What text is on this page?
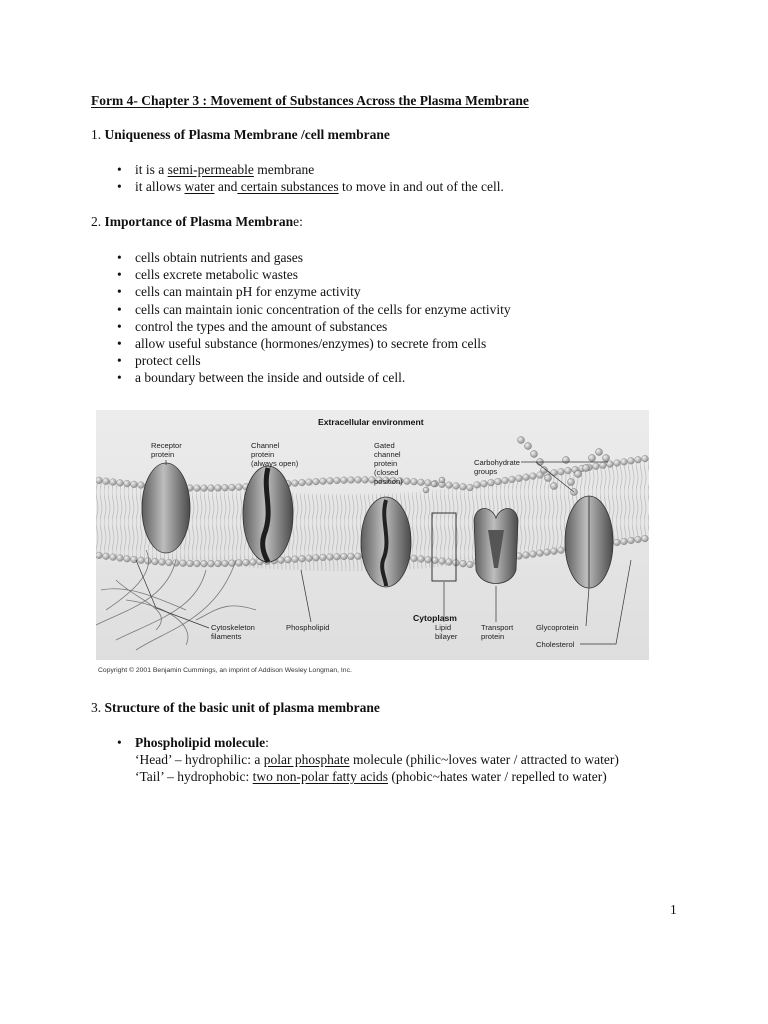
Form 4- Chapter 3 : Movement of Substances Across the Plasma Membrane
1. Uniqueness of Plasma Membrane /cell membrane
• it is a semi-permeable membrane
• it allows water and certain substances to move in and out of the cell.
2. Importance of Plasma Membrane:
• cells obtain nutrients and gases
• cells excrete metabolic wastes
• cells can maintain pH for enzyme activity
• cells can maintain ionic concentration of the cells for enzyme activity
• control the types and the amount of substances
• allow useful substance (hormones/enzymes) to secrete from cells
• protect cells
• a boundary between the inside and outside of cell.
Extracellular environment
Cytoplasm
Receptor
protein
Channel
protein
(always open)
Gated
channel
protein
(closed
position)
Carbohydrate
groups
Cytoskeleton
filaments
Phospholipid	Lipid
bilayer
Transport
protein
Glycoprotein
Cholesterol
Copyright © 2001 Benjamin Cummings, an imprint of Addison Wesley Longman, Inc.
3. Structure of the basic unit of plasma membrane
• Phospholipid molecule:
‘Head’ – hydrophilic: a polar phosphate molecule (philic~loves water / attracted to water)
‘Tail’ – hydrophobic: two non-polar fatty acids (phobic~hates water / repelled to water)
1
